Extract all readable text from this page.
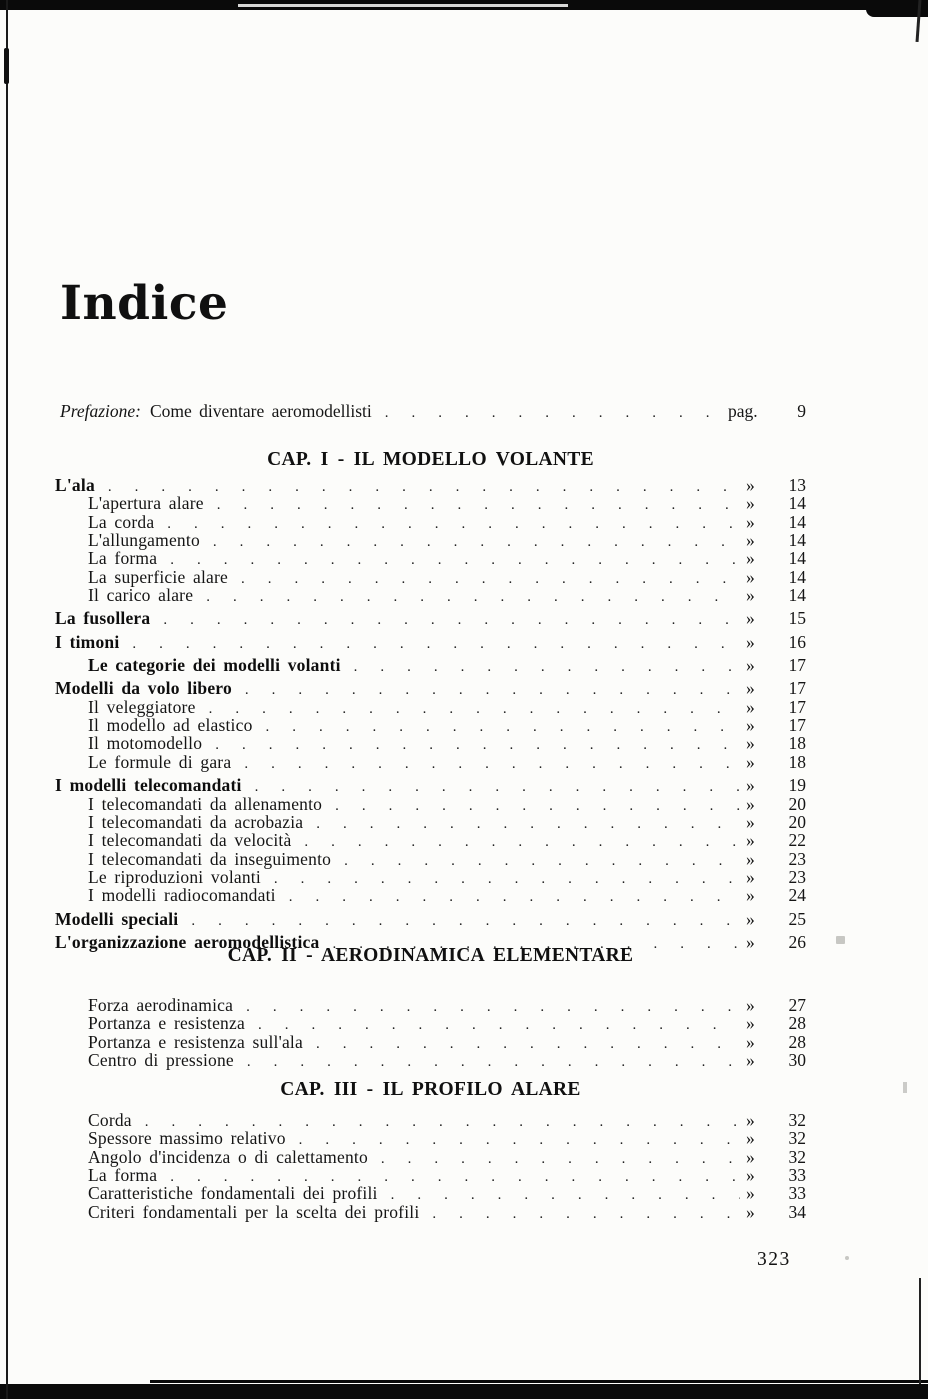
Indice
Prefazione: Come diventare aeromodellisti .....	pag.	9
CAP. I - IL MODELLO VOLANTE
L'ala .....	»	13
L'apertura alare .....	»	14
La corda .....	»	14
L'allungamento .....	»	14
La forma .....	»	14
La superficie alare .....	»	14
Il carico alare .....	»	14
La fusollera .....	»	15
I timoni .....	»	16
Le categorie dei modelli volanti .....	»	17
Modelli da volo libero .....	»	17
Il veleggiatore .....	»	17
Il modello ad elastico .....	»	17
Il motomodello .....	»	18
Le formule di gara .....	»	18
I modelli telecomandati .....	»	19
I telecomandati da allenamento .....	»	20
I telecomandati da acrobazia .....	»	20
I telecomandati da velocità .....	»	22
I telecomandati da inseguimento .....	»	23
Le riproduzioni volanti .....	»	23
I modelli radiocomandati .....	»	24
Modelli speciali .....	»	25
L'organizzazione aeromodellistica .....	»	26
CAP. II - AERODINAMICA ELEMENTARE
Forza aerodinamica .....	»	27
Portanza e resistenza .....	»	28
Portanza e resistenza sull'ala .....	»	28
Centro di pressione .....	»	30
CAP. III - IL PROFILO ALARE
Corda .....	»	32
Spessore massimo relativo .....	»	32
Angolo d'incidenza o di calettamento .....	»	32
La forma .....	»	33
Caratteristiche fondamentali dei profili .....	»	33
Criteri fondamentali per la scelta dei profili .....	»	34
323
